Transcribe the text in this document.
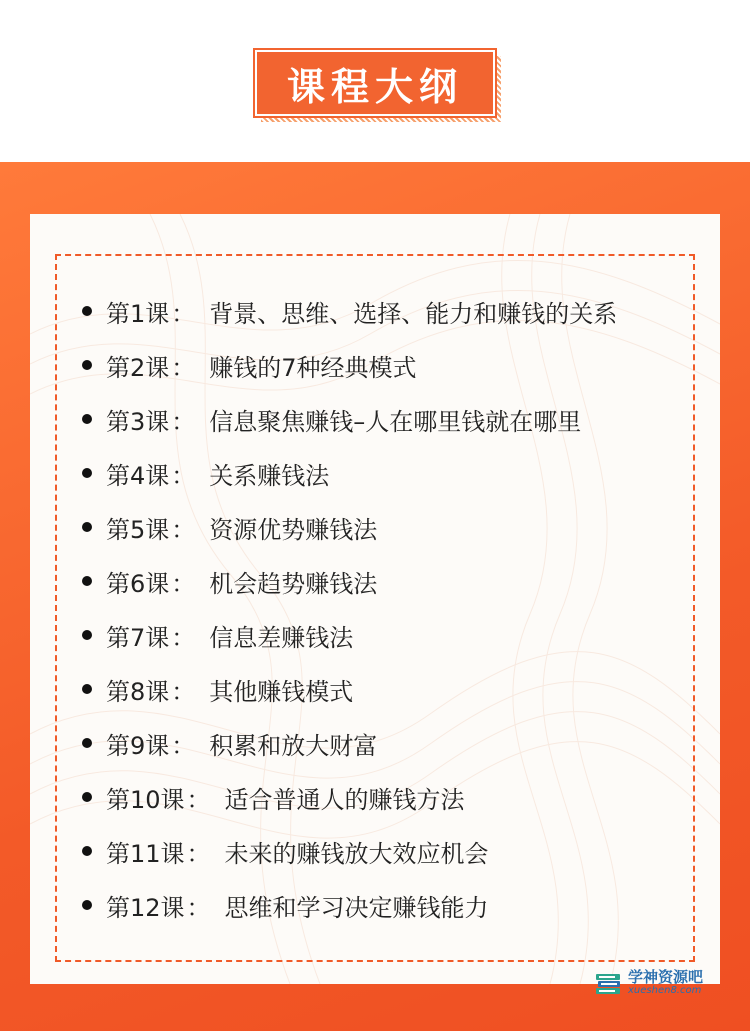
课程大纲
第1课 ： 背景、思维、选择、能力和赚钱的关系
第2课 ： 赚钱的7种经典模式
第3课 ： 信息聚焦赚钱–人在哪里钱就在哪里
第4课 ： 关系赚钱法
第5课 ： 资源优势赚钱法
第6课 ： 机会趋势赚钱法
第7课 ： 信息差赚钱法
第8课 ： 其他赚钱模式
第9课 ： 积累和放大财富
第10课 ： 适合普通人的赚钱方法
第11课 ： 未来的赚钱放大效应机会
第12课 ： 思维和学习决定赚钱能力
学神资源吧
xueshen8.com
